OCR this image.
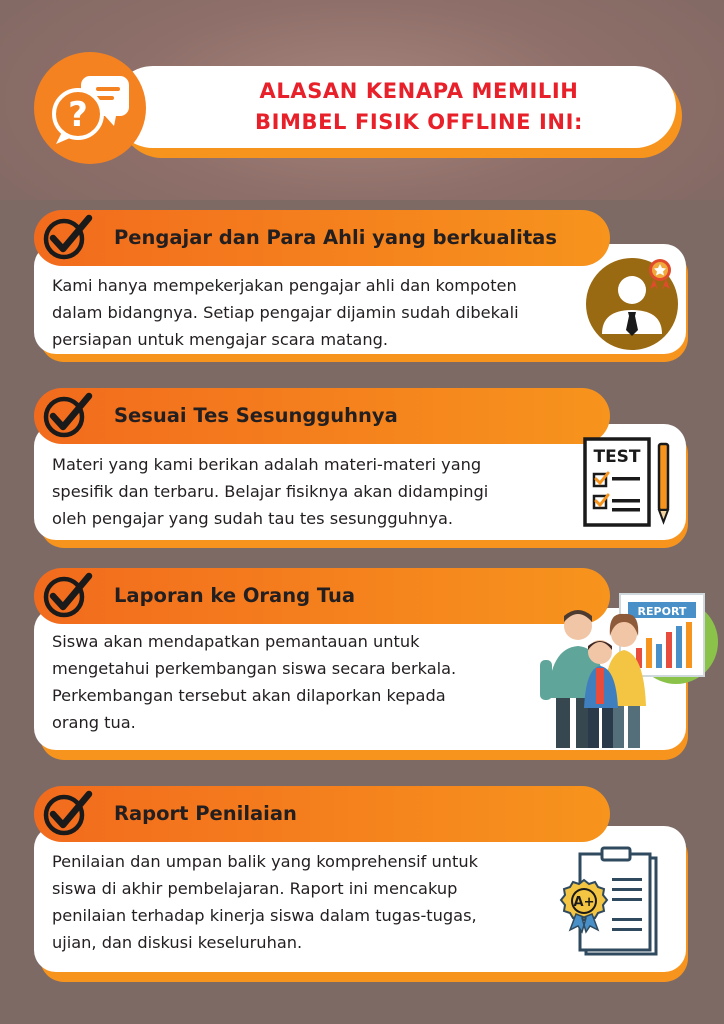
ALASAN KENAPA MEMILIH
BIMBEL FISIK OFFLINE INI:
?
Pengajar dan Para Ahli yang berkualitas
Kami hanya mempekerjakan pengajar ahli dan kompoten
dalam bidangnya. Setiap pengajar dijamin sudah dibekali
persiapan untuk mengajar scara matang.
Sesuai Tes Sesungguhnya
Materi yang kami berikan adalah materi-materi yang
spesifik dan terbaru. Belajar fisiknya akan didampingi
oleh pengajar yang sudah tau tes sesungguhnya.
TEST
Laporan ke Orang Tua
Siswa akan mendapatkan pemantauan untuk
mengetahui perkembangan siswa secara berkala.
Perkembangan tersebut akan dilaporkan kepada
orang tua.
REPORT
Raport Penilaian
Penilaian dan umpan balik yang komprehensif untuk
siswa di akhir pembelajaran. Raport ini mencakup
penilaian terhadap kinerja siswa dalam tugas-tugas,
ujian, dan diskusi keseluruhan.
A+
